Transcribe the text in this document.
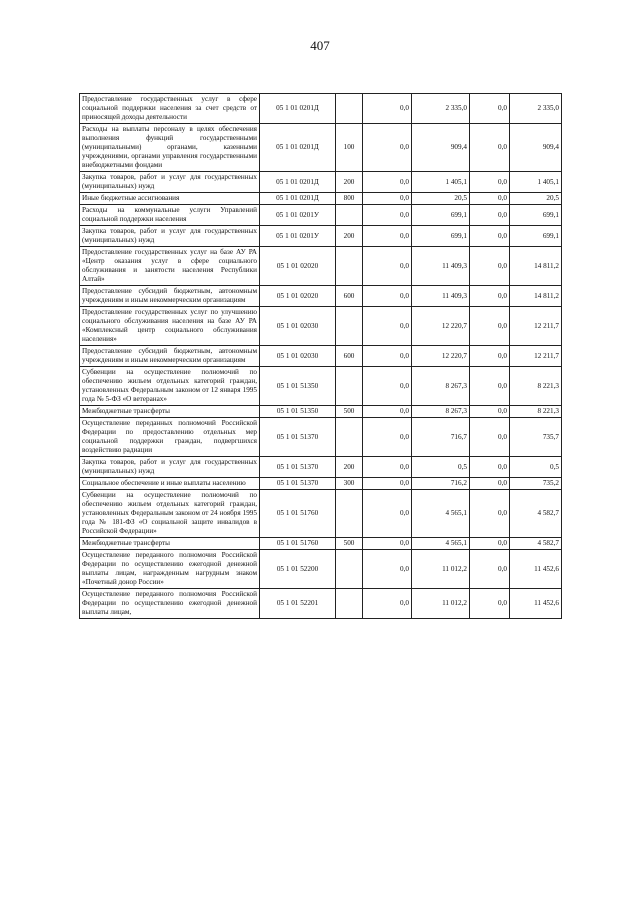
407
Предоставление государственных услуг в сфере социальной поддержки населения за счет средств от приносящей доходы деятельности	05 1 01 0201Д		0,0	2 335,0	0,0	2 335,0
Расходы на выплаты персоналу в целях обеспечения выполнения функций государственными (муниципальными) органами, казенными учреждениями, органами управления государственными внебюджетными фондами	05 1 01 0201Д	100	0,0	909,4	0,0	909,4
Закупка товаров, работ и услуг для государственных (муниципальных) нужд	05 1 01 0201Д	200	0,0	1 405,1	0,0	1 405,1
Иные бюджетные ассигнования	05 1 01 0201Д	800	0,0	20,5	0,0	20,5
Расходы на коммунальные услуги Управлений социальной поддержки населения	05 1 01 0201У		0,0	699,1	0,0	699,1
Закупка товаров, работ и услуг для государственных (муниципальных) нужд	05 1 01 0201У	200	0,0	699,1	0,0	699,1
Предоставление государственных услуг на базе АУ РА «Центр оказания услуг в сфере социального обслуживания и занятости населения Республики Алтай»	05 1 01 02020		0,0	11 409,3	0,0	14 811,2
Предоставление субсидий бюджетным, автономным учреждениям и иным некоммерческим организациям	05 1 01 02020	600	0,0	11 409,3	0,0	14 811,2
Предоставление государственных услуг по улучшению социального обслуживания населения на базе АУ РА «Комплексный центр социального обслуживания населения»	05 1 01 02030		0,0	12 220,7	0,0	12 211,7
Предоставление субсидий бюджетным, автономным учреждениям и иным некоммерческим организациям	05 1 01 02030	600	0,0	12 220,7	0,0	12 211,7
Субвенции на осуществление полномочий по обеспечению жильем отдельных категорий граждан, установленных Федеральным законом от 12 января 1995 года № 5-ФЗ «О ветеранах»	05 1 01 51350		0,0	8 267,3	0,0	8 221,3
Межбюджетные трансферты	05 1 01 51350	500	0,0	8 267,3	0,0	8 221,3
Осуществление переданных полномочий Российской Федерации по предоставлению отдельных мер социальной поддержки граждан, подвергшихся воздействию радиации	05 1 01 51370		0,0	716,7	0,0	735,7
Закупка товаров, работ и услуг для государственных (муниципальных) нужд	05 1 01 51370	200	0,0	0,5	0,0	0,5
Социальное обеспечение и иные выплаты населению	05 1 01 51370	300	0,0	716,2	0,0	735,2
Субвенции на осуществление полномочий по обеспечению жильем отдельных категорий граждан, установленных Федеральным законом от 24 ноября 1995 года № 181-ФЗ «О социальной защите инвалидов в Российской Федерации»	05 1 01 51760		0,0	4 565,1	0,0	4 582,7
Межбюджетные трансферты	05 1 01 51760	500	0,0	4 565,1	0,0	4 582,7
Осуществление переданного полномочия Российской Федерации по осуществлению ежегодной денежной выплаты лицам, награжденным нагрудным знаком «Почетный донор России»	05 1 01 52200		0,0	11 012,2	0,0	11 452,6
Осуществление переданного полномочия Российской Федерации по осуществлению ежегодной денежной выплаты лицам,	05 1 01 52201		0,0	11 012,2	0,0	11 452,6
